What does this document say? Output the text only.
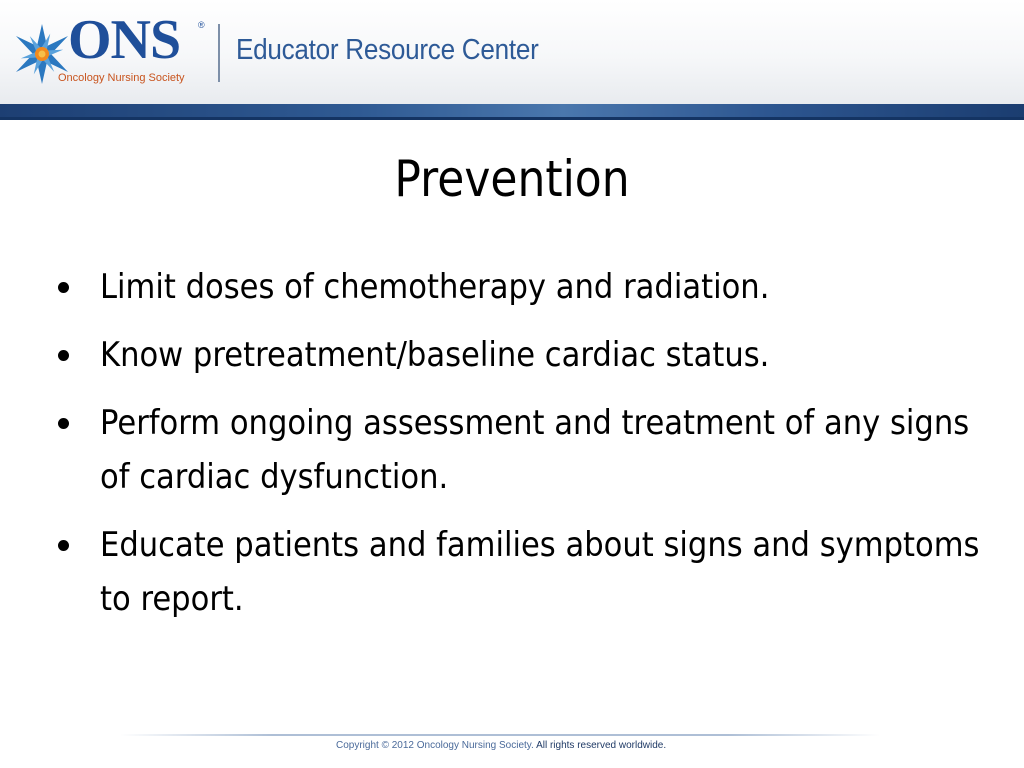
ONS ®
Oncology Nursing Society
Educator Resource Center
Prevention
Limit doses of chemotherapy and radiation.
Know pretreatment/baseline cardiac status.
Perform ongoing assessment and treatment of any signs of cardiac dysfunction.
Educate patients and families about signs and symptoms to report.
Copyright © 2012 Oncology Nursing Society. All rights reserved worldwide.
